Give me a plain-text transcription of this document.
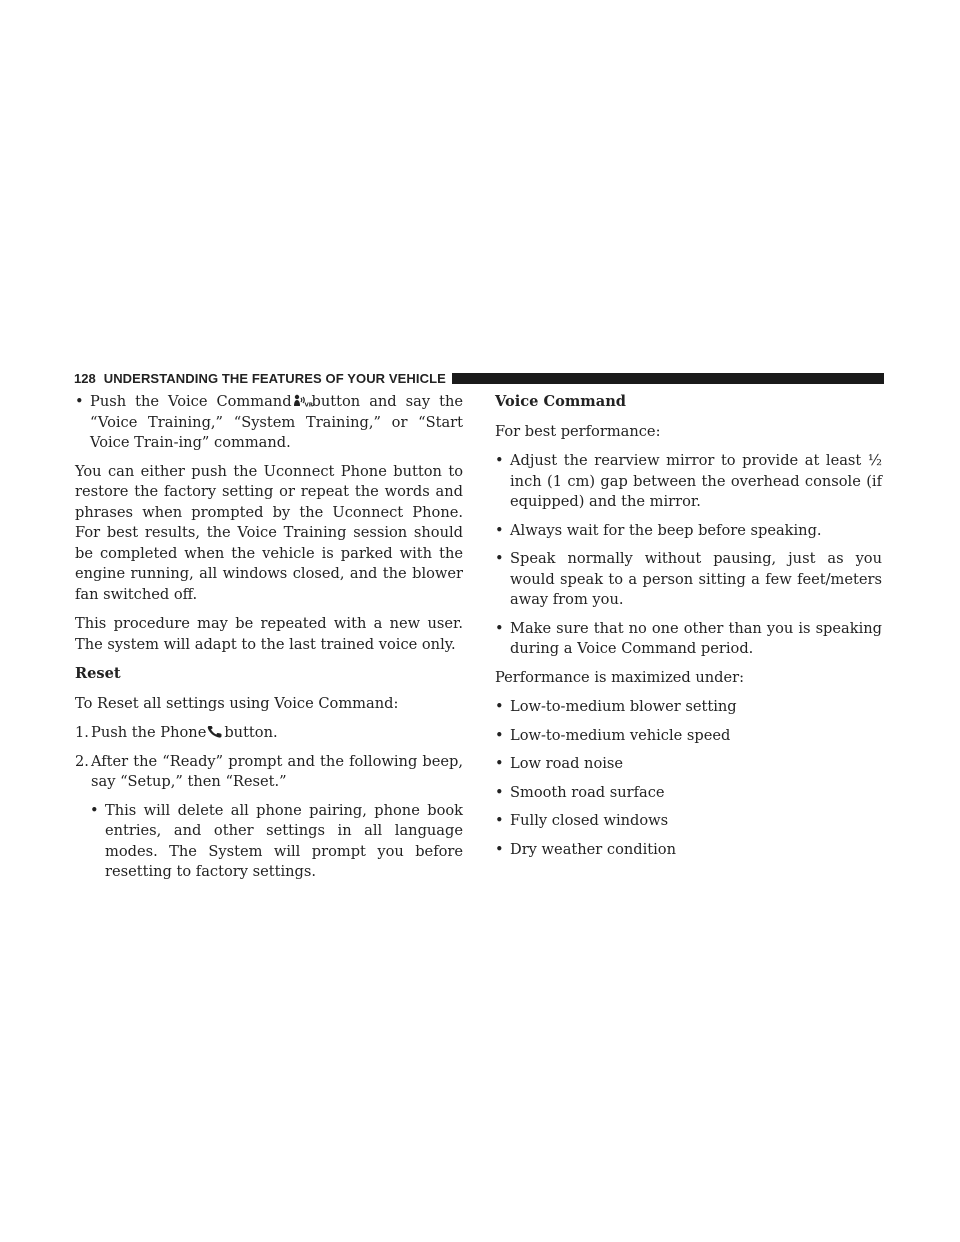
128 UNDERSTANDING THE FEATURES OF YOUR VEHICLE
• Push the Voice Command VR button and say the “Voice Training,” “System Training,” or “Start Voice Train-ing” command.

You can either push the Uconnect Phone button to restore the factory setting or repeat the words and phrases when prompted by the Uconnect Phone. For best results, the Voice Training session should be completed when the vehicle is parked with the engine running, all windows closed, and the blower fan switched off.

This procedure may be repeated with a new user. The system will adapt to the last trained voice only.

Reset

To Reset all settings using Voice Command:

1. Push the Phone button.
2. After the “Ready” prompt and the following beep, say “Setup,” then “Reset.”
• This will delete all phone pairing, phone book entries, and other settings in all language modes. The System will prompt you before resetting to factory settings.

Voice Command

For best performance:

• Adjust the rearview mirror to provide at least ½ inch (1 cm) gap between the overhead console (if equipped) and the mirror.
• Always wait for the beep before speaking.
• Speak normally without pausing, just as you would speak to a person sitting a few feet/meters away from you.
• Make sure that no one other than you is speaking during a Voice Command period.

Performance is maximized under:

• Low-to-medium blower setting
• Low-to-medium vehicle speed
• Low road noise
• Smooth road surface
• Fully closed windows
• Dry weather condition
